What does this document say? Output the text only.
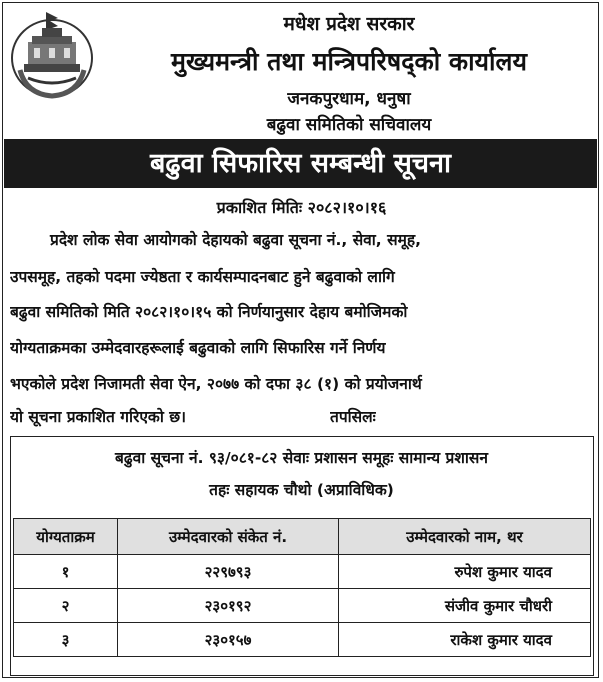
मधेश प्रदेश सरकार
मुख्यमन्त्री तथा मन्त्रिपरिषद्को कार्यालय
जनकपुरधाम, धनुषा
बढुवा समितिको सचिवालय
बढुवा सिफारिस सम्बन्धी सूचना
प्रकाशित मितिः २०८२।१०।१६
प्रदेश लोक सेवा आयोगको देहायको बढुवा सूचना नं., सेवा, समूह,
उपसमूह, तहको पदमा ज्येष्ठता र कार्यसम्पादनबाट हुने बढुवाको लागि
बढुवा समितिको मिति २०८२।१०।१५ को निर्णयानुसार देहाय बमोजिमको
योग्यताक्रमका उम्मेदवारहरूलाई बढुवाको लागि सिफारिस गर्ने निर्णय
भएकोले प्रदेश निजामती सेवा ऐन, २०७७ को दफा ३८ (१) को प्रयोजनार्थ
यो सूचना प्रकाशित गरिएको छ।	तपसिलः
बढुवा सूचना नं. ९३/०८१-८२ सेवाः प्रशासन समूहः सामान्य प्रशासन
तहः सहायक चौथो (अप्राविधिक)
योग्यताक्रम	उम्मेदवारको संकेत नं.	उम्मेदवारको नाम, थर
१	२२९७९३	रुपेश कुमार यादव
२	२३०१९२	संजीव कुमार चौधरी
३	२३०१५७	राकेश कुमार यादव
